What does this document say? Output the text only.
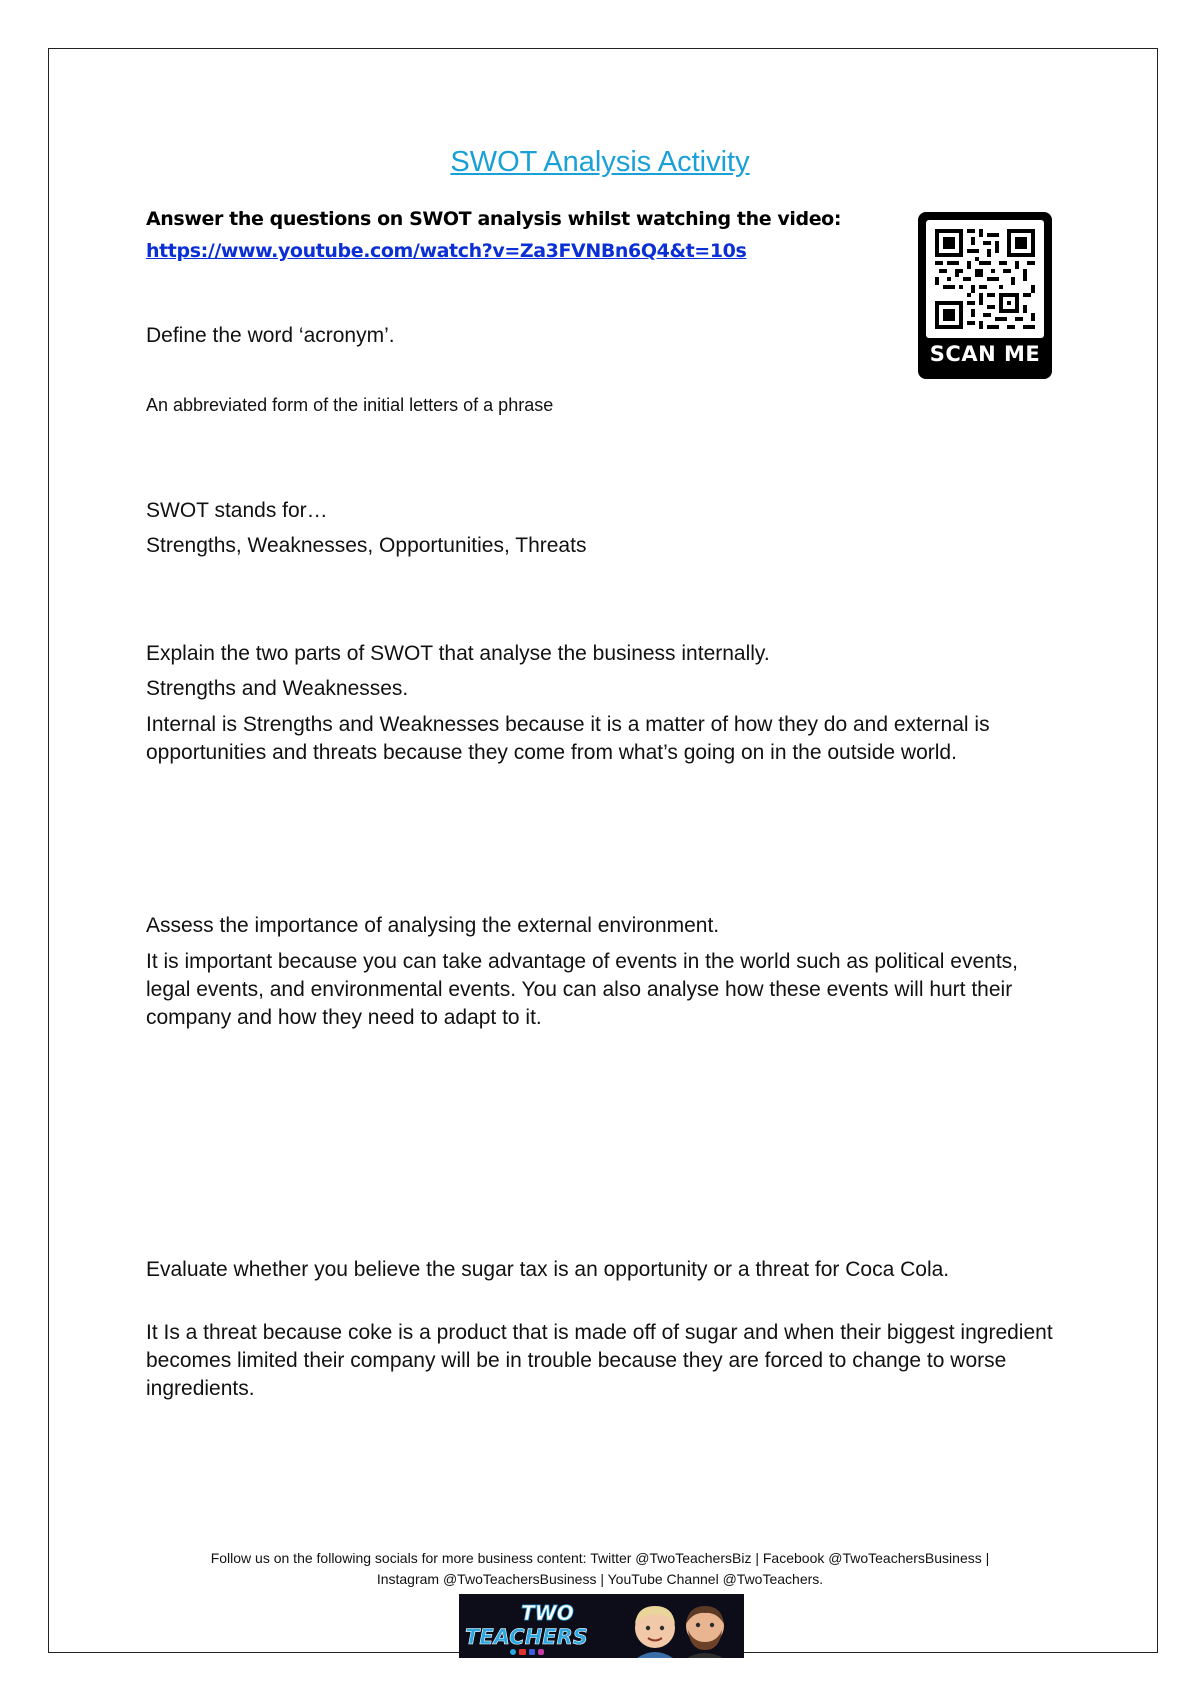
SWOT Analysis Activity
Answer the questions on SWOT analysis whilst watching the video:
https://www.youtube.com/watch?v=Za3FVNBn6Q4&t=10s
SCAN ME
Define the word ‘acronym’.
An abbreviated form of the initial letters of a phrase
SWOT stands for…
Strengths, Weaknesses, Opportunities, Threats
Explain the two parts of SWOT that analyse the business internally.
Strengths and Weaknesses.
Internal is Strengths and Weaknesses because it is a matter of how they do and external is opportunities and threats because they come from what’s going on in the outside world.
Assess the importance of analysing the external environment.
It is important because you can take advantage of events in the world such as political events, legal events, and environmental events. You can also analyse how these events will hurt their company and how they need to adapt to it.
Evaluate whether you believe the sugar tax is an opportunity or a threat for Coca Cola.
It Is a threat because coke is a product that is made off of sugar and when their biggest ingredient becomes limited their company will be in trouble because they are forced to change to worse ingredients.
Follow us on the following socials for more business content: Twitter @TwoTeachersBiz | Facebook @TwoTeachersBusiness |
Instagram @TwoTeachersBusiness | YouTube Channel @TwoTeachers.
TWO
TEACHERS
